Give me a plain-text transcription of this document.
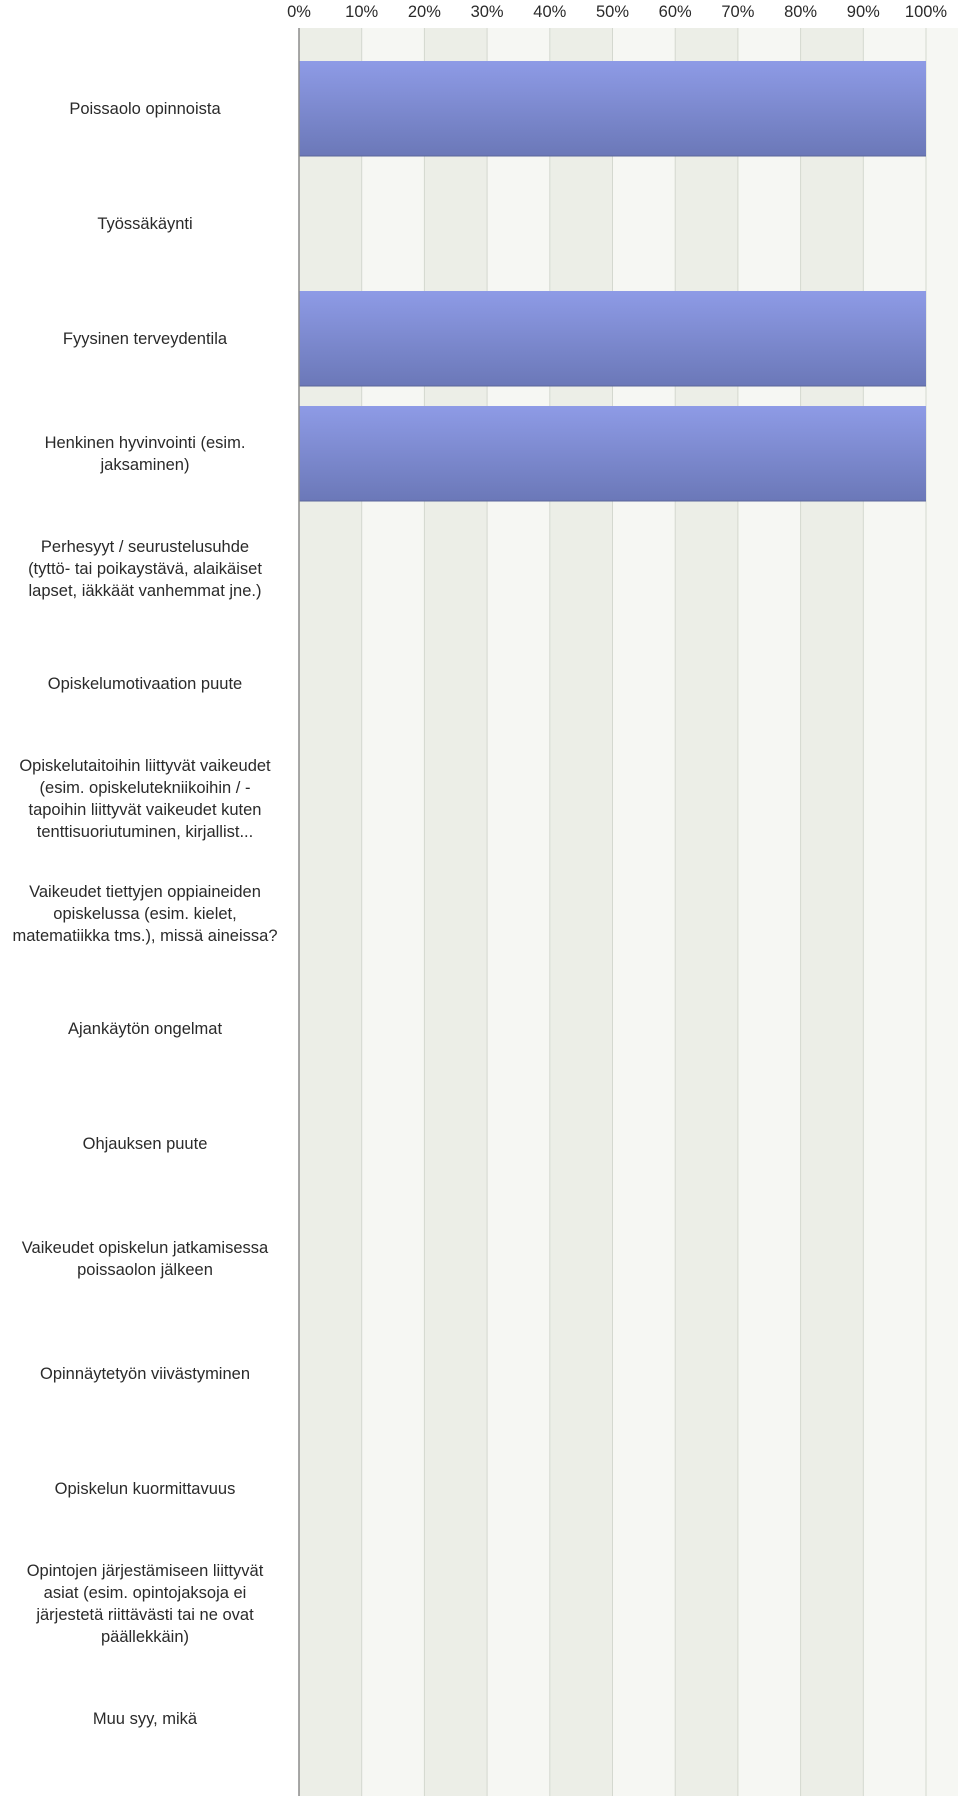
0% 10% 20% 30% 40% 50% 60% 70% 80% 90% 100%
Poissaolo opinnoista
Työssäkäynti
Fyysinen terveydentila
Henkinen hyvinvointi (esim.
jaksaminen)
Perhesyyt / seurustelusuhde
(tyttö- tai poikaystävä, alaikäiset
lapset, iäkkäät vanhemmat jne.)
Opiskelumotivaation puute
Opiskelutaitoihin liittyvät vaikeudet
(esim. opiskelutekniikoihin / -
tapoihin liittyvät vaikeudet kuten
tenttisuoriutuminen, kirjallist...
Vaikeudet tiettyjen oppiaineiden
opiskelussa (esim. kielet,
matematiikka tms.), missä aineissa?
Ajankäytön ongelmat
Ohjauksen puute
Vaikeudet opiskelun jatkamisessa
poissaolon jälkeen
Opinnäytetyön viivästyminen
Opiskelun kuormittavuus
Opintojen järjestämiseen liittyvät
asiat (esim. opintojaksoja ei
järjestetä riittävästi tai ne ovat
päällekkäin)
Muu syy, mikä
